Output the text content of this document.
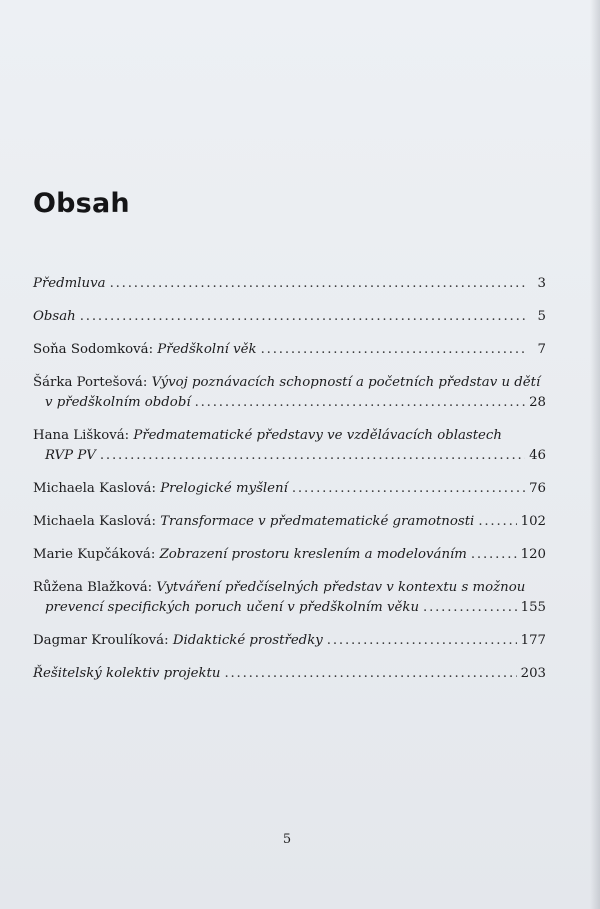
Obsah
Předmluva . . .	3
Obsah . . .	5
Soňa Sodomková:
Předškolní věk . . .	7
Šárka Portešová:
Vývoj poznávacích schopností a početních představ u dětí
v předškolním období . . .	28
Hana Lišková:
Předmatematické představy ve vzdělávacích oblastech
RVP PV . . .	46
Michaela Kaslová:
Prelogické myšlení . . .	76
Michaela Kaslová:
Transformace v předmatematické gramotnosti . . .	102
Marie Kupčáková:
Zobrazení prostoru kreslením a modelováním . . .	120
Růžena Blažková:
Vytváření předčíselných představ v kontextu s možnou
prevencí specifických poruch učení v předškolním věku . . .	155
Dagmar Kroulíková:
Didaktické prostředky . . .	177
Řešitelský kolektiv projektu . . .	203
5
